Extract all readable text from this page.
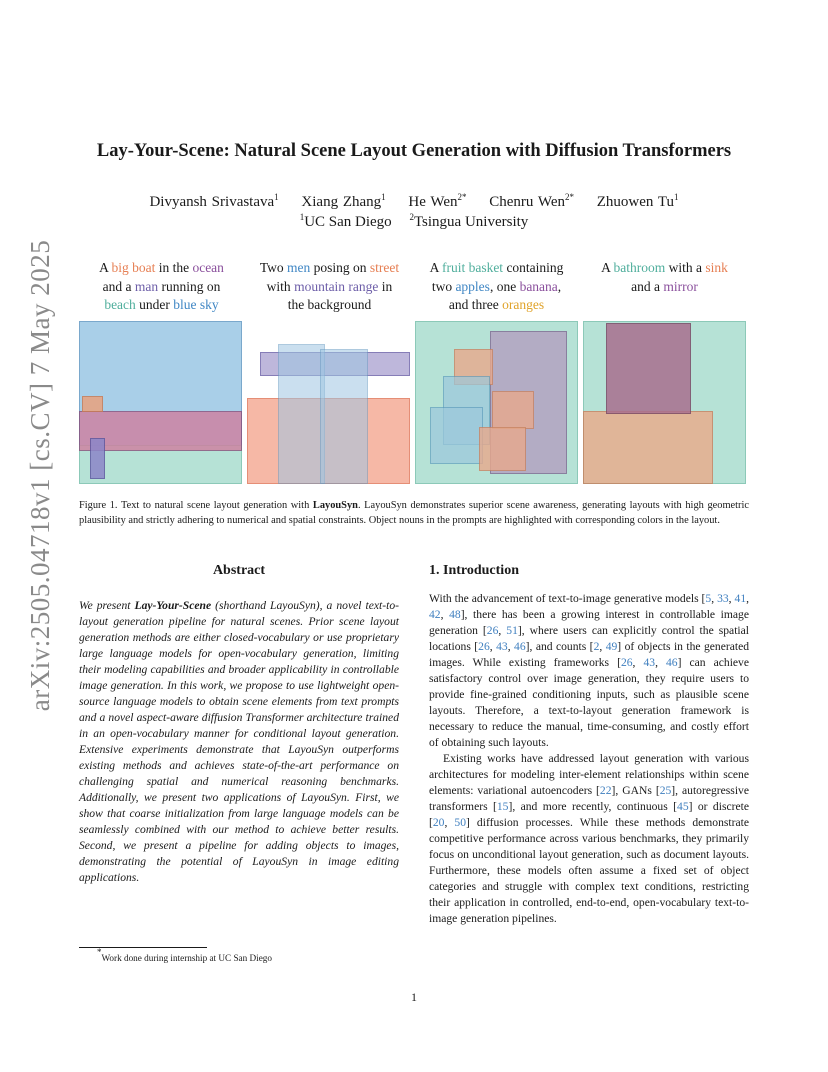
arXiv:2505.04718v1 [cs.CV] 7 May 2025
Lay-Your-Scene: Natural Scene Layout Generation with Diffusion Transformers
Divyansh Srivastava$^1$ Xiang Zhang$^1$ He Wen$^{2*}$ Chenru Wen$^{2*}$ Zhuowen Tu$^1$
$^1$UC San Diego $^2$Tsingua University
A big boat in the ocean
and a man running on
beach under blue sky
Two men posing on street
with mountain range in
the background
A fruit basket containing
two apples, one banana,
and three oranges
A bathroom with a sink
and a mirror
Figure 1. Text to natural scene layout generation with LayouSyn. LayouSyn demonstrates superior scene awareness, generating layouts with high geometric plausibility and strictly adhering to numerical and spatial constraints. Object nouns in the prompts are highlighted with corresponding colors in the layout.
Abstract

We present Lay-Your-Scene (shorthand LayouSyn), a novel text-to-layout generation pipeline for natural scenes. Prior scene layout generation methods are either closed-vocabulary or use proprietary large language models for open-vocabulary generation, limiting their modeling capabilities and broader applicability in controllable image generation. In this work, we propose to use lightweight open-source language models to obtain scene elements from text prompts and a novel aspect-aware diffusion Transformer architecture trained in an open-vocabulary manner for conditional layout generation. Extensive experiments demonstrate that LayouSyn outperforms existing methods and achieves state-of-the-art performance on challenging spatial and numerical reasoning benchmarks. Additionally, we present two applications of LayouSyn. First, we show that coarse initialization from large language models can be seamlessly combined with our method to achieve better results. Second, we present a pipeline for adding objects to images, demonstrating the potential of LayouSyn in image editing applications.

1. Introduction

With the advancement of text-to-image generative models [5, 33, 41, 42, 48], there has been a growing interest in controllable image generation [26, 51], where users can explicitly control the spatial locations [26, 43, 46], and counts [2, 49] of objects in the generated images. While existing frameworks [26, 43, 46] can achieve satisfactory control over image generation, they require users to provide fine-grained conditioning inputs, such as plausible scene layouts. Therefore, a text-to-layout generation framework is necessary to reduce the manual, time-consuming, and costly effort of obtaining such layouts.

Existing works have addressed layout generation with various architectures for modeling inter-element relationships within scene elements: variational autoencoders [22], GANs [25], autoregressive transformers [15], and more recently, continuous [45] or discrete [20, 50] diffusion processes. While these methods demonstrate competitive performance across various benchmarks, they primarily focus on unconditional layout generation, such as document layouts. Furthermore, these models often assume a fixed set of object categories and struggle with complex text conditions, restricting their application in controlled, end-to-end, open-vocabulary text-to-image generation pipelines.

*Work done during internship at UC San Diego
1
